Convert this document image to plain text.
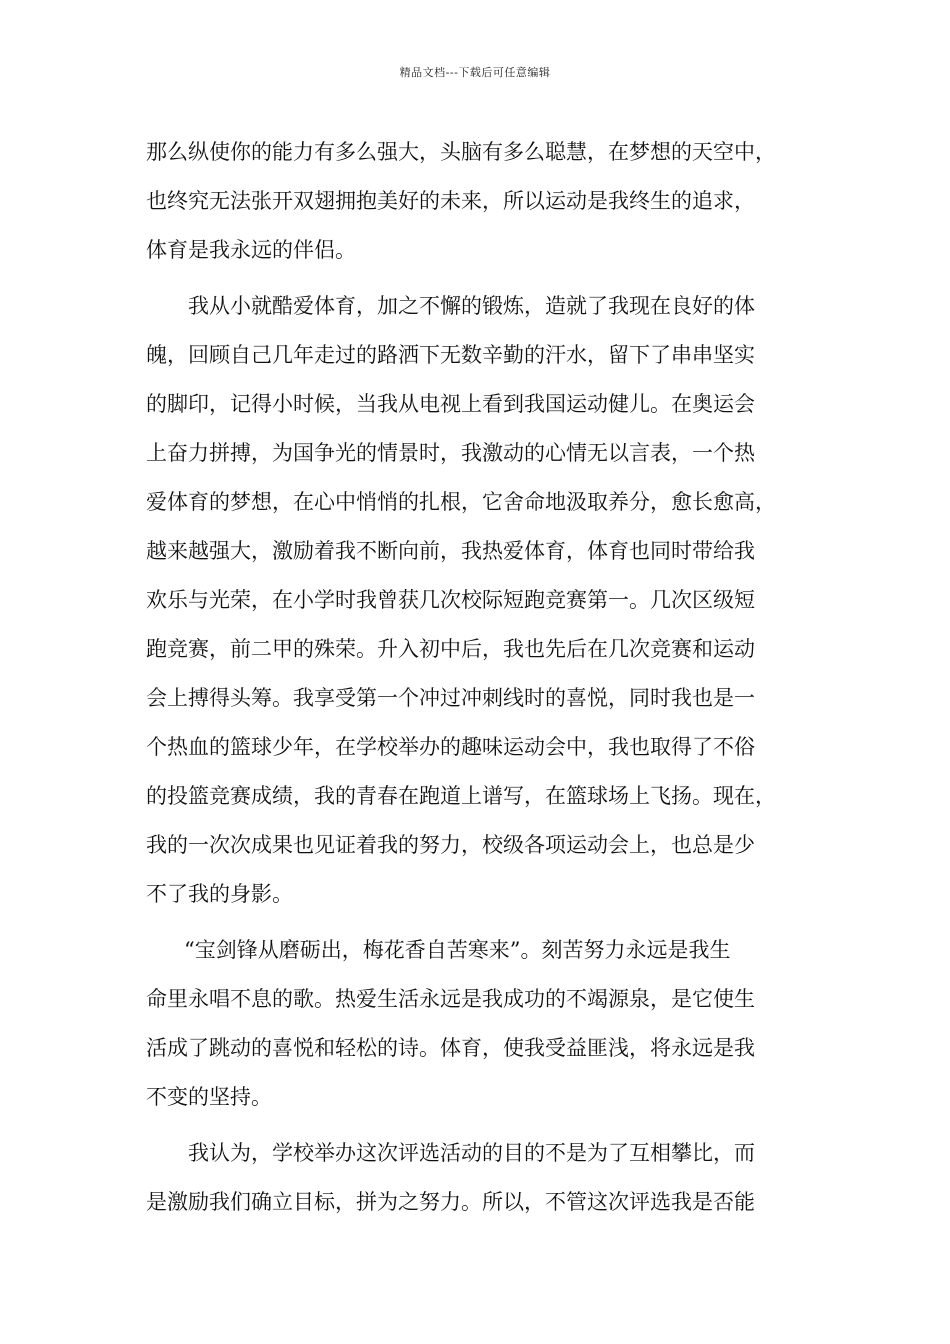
精品文档---下载后可任意编辑
那么纵使你的能力有多么强大，头脑有多么聪慧，在梦想的天空中，
也终究无法张开双翅拥抱美好的未来，所以运动是我终生的追求，
体育是我永远的伴侣。
我从小就酷爱体育，加之不懈的锻炼，造就了我现在良好的体
魄，回顾自己几年走过的路洒下无数辛勤的汗水，留下了串串坚实
的脚印，记得小时候，当我从电视上看到我国运动健儿。在奥运会
上奋力拼搏，为国争光的情景时，我激动的心情无以言表，一个热
爱体育的梦想，在心中悄悄的扎根，它舍命地汲取养分，愈长愈高，
越来越强大，激励着我不断向前，我热爱体育，体育也同时带给我
欢乐与光荣，在小学时我曾获几次校际短跑竞赛第一。几次区级短
跑竞赛，前二甲的殊荣。升入初中后，我也先后在几次竞赛和运动
会上搏得头筹。我享受第一个冲过冲刺线时的喜悦，同时我也是一
个热血的篮球少年，在学校举办的趣味运动会中，我也取得了不俗
的投篮竞赛成绩，我的青春在跑道上谱写，在篮球场上飞扬。现在，
我的一次次成果也见证着我的努力，校级各项运动会上，也总是少
不了我的身影。
“宝剑锋从磨砺出，梅花香自苦寒来”。刻苦努力永远是我生
命里永唱不息的歌。热爱生活永远是我成功的不竭源泉，是它使生
活成了跳动的喜悦和轻松的诗。体育，使我受益匪浅，将永远是我
不变的坚持。
我认为，学校举办这次评选活动的目的不是为了互相攀比，而
是激励我们确立目标，拼为之努力。所以，不管这次评选我是否能
